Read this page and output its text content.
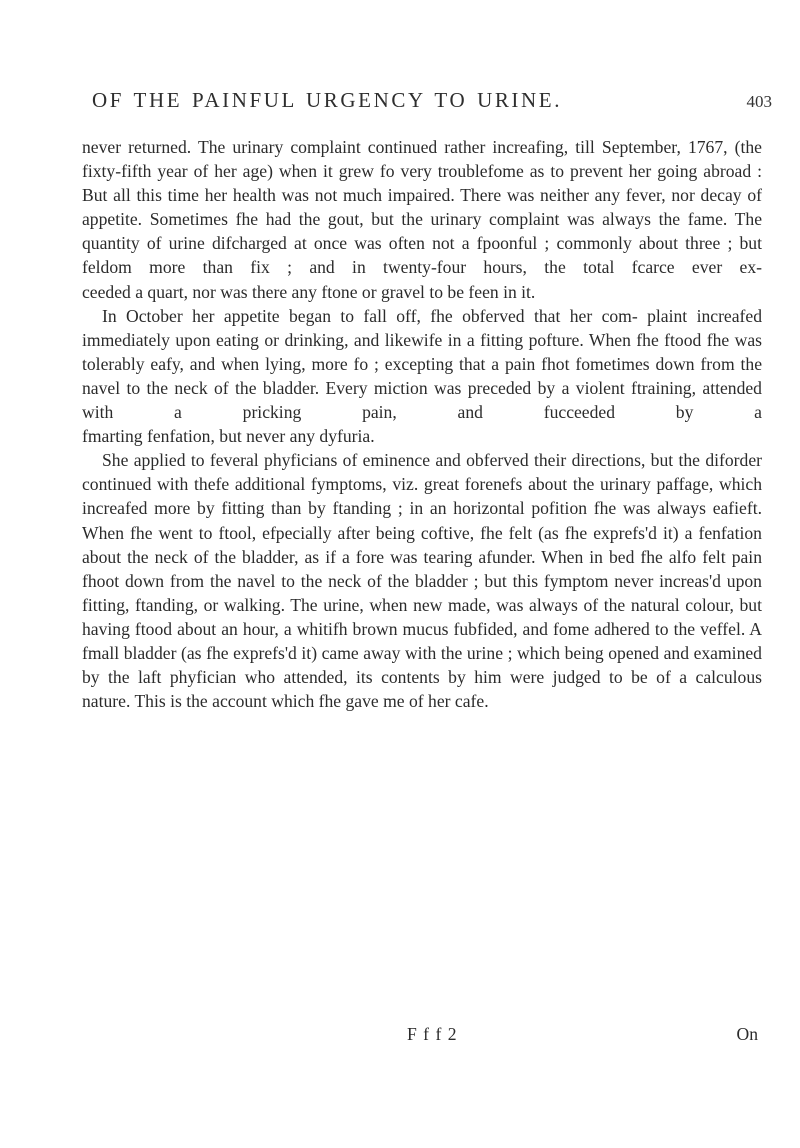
OF THE PAINFUL URGENCY TO URINE.	403

never returned. The urinary complaint continued rather increafing, till September, 1767, (the fixty-fifth year of her age) when it grew fo very troublefome as to prevent her going abroad : But all this time her health was not much impaired. There was neither any fever, nor decay of appetite. Sometimes fhe had the gout, but the urinary complaint was always the fame. The quantity of urine difcharged at once was often not a fpoonful ; commonly about three ; but feldom more than fix ; and in twenty-four hours, the total fcarce ever ex-

ceeded a quart, nor was there any ftone or gravel to be feen in it.

In October her appetite began to fall off, fhe obferved that her com- plaint increafed immediately upon eating or drinking, and likewife in a fitting pofture. When fhe ftood fhe was tolerably eafy, and when lying, more fo ; excepting that a pain fhot fometimes down from the navel to the neck of the bladder. Every miction was preceded by a violent ftraining, attended with a pricking pain, and fucceeded by a

fmarting fenfation, but never any dyfuria.

She applied to feveral phyficians of eminence and obferved their directions, but the diforder continued with thefe additional fymptoms, viz. great forenefs about the urinary paffage, which increafed more by fitting than by ftanding ; in an horizontal pofition fhe was always eafieft. When fhe went to ftool, efpecially after being coftive, fhe felt (as fhe exprefs'd it) a fenfation about the neck of the bladder, as if a fore was tearing afunder. When in bed fhe alfo felt pain fhoot down from the navel to the neck of the bladder ; but this fymptom never increas'd upon fitting, ftanding, or walking. The urine, when new made, was always of the natural colour, but having ftood about an hour, a whitifh brown mucus fubfided, and fome adhered to the veffel. A fmall bladder (as fhe exprefs'd it) came away with the urine ; which being opened and examined by the laft phyfician who attended, its contents by him were judged to be of a calculous

nature. This is the account which fhe gave me of her cafe.

F f f 2	On
